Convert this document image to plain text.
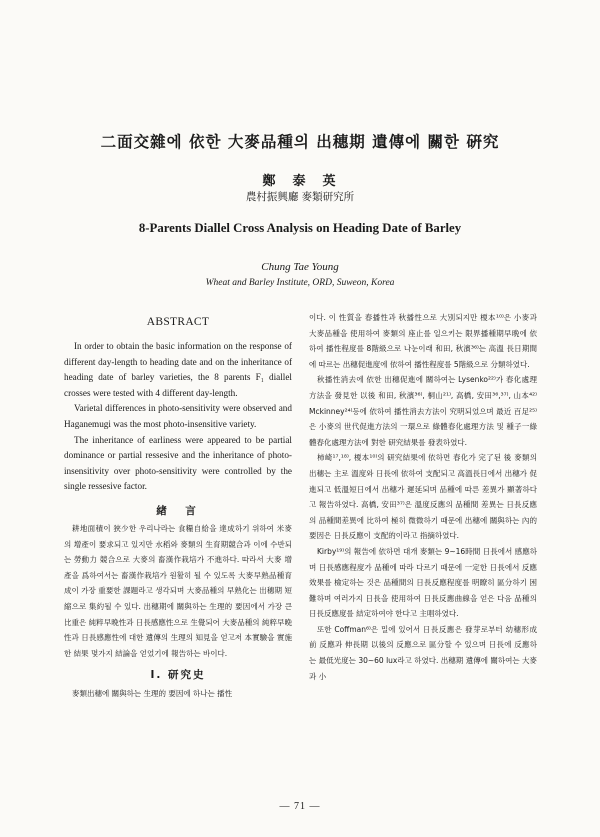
二面交雜에 依한 大麥品種의 出穗期 遺傳에 關한 硏究
鄭　泰　英
農村振興廳 麥類研究所
8-Parents Diallel Cross Analysis on Heading Date of Barley
Chung Tae Young
Wheat and Barley Institute, ORD, Suweon, Korea
ABSTRACT

In order to obtain the basic information on the response of different day-length to heading date and on the inheritance of heading date of barley varieties, the 8 parents F₁ diallel crosses were tested with 4 different day-length.

Varietal differences in photo-sensitivity were observed and Haganemugi was the most photo-insensitive variety.

The inheritance of earliness were appeared to be partial dominance or partial ressesive and the inheritance of photo-insensitivity over photo-sensitivity were controlled by the single ressesive factor.

緖　言

耕地面積이 狹少한 우리나라는 食糧自給을 達成하기 위하여 米麥의 增產이 要求되고 있지만 水稻와 麥類의 生育期競合과 이에 수반되는 勞動力 競合으로 大麥의 畜漢作栽培가 不進하다. 따라서 大麥 增產을 爲하여서는 畜漢作栽培가 원활히 될 수 있도록 大麥早熟品種育成이 가장 重要한 課題라고 생각되며 大麥品種의 早熟化는 出穗期 短縮으로 集約될 수 있다. 出穗期에 關與하는 生理的 要因에서 가장 큰 比重은 純粹早晩性과 日長感應性으로 生覺되어 大麥品種의 純粹早晩性과 日長感應性에 대한 遺傳의 生理의 知見을 얻고저 本實驗을 實施한 結果 몇가지 結論을 얻었기에 報告하는 바이다.

Ⅰ. 研究史

麥類出穗에 關與하는 生理的 要因에 하나는 播性

이다. 이 性質을 春播性과 秋播性으로 大別되지만 榎本¹⁰⁾은 小麥과 大麥品種을 使用하여 麥類의 座止를 일으키는 限界播種期早晩에 依하여 播性程度를 8階級으로 나눈이래 和田, 秋濱³⁶⁾는 高溫 長日期間에 따르는 出穗促進度에 依하여 播性程度를 5階級으로 分類하였다.

秋播性消去에 依한 出穗促進에 關하여는 Lysenko²²⁾가 春化處理方法을 發見한 以後 和田, 秋濱³⁶⁾, 桐山²¹⁾, 高橋, 安田³⁶,³⁷⁾, 山本⁴²⁾ Mckinney²⁴⁾등에 依하여 播性消去方法이 究明되었으며 最近 百足²⁵⁾은 小麥의 世代促進方法의 一環으로 綠體春化處理方法 및 種子一綠體春化處理方法에 對한 研究結果를 發表하였다.

柿崎¹⁷,¹⁸⁾, 榎本¹⁰⁾의 研究結果에 依하면 春化가 完了된 後 麥類의 出穗는 主로 溫度와 日長에 依하여 支配되고 高溫長日에서 出穗가 促進되고 低溫短日에서 出穗가 遲延되며 品種에 따른 差異가 顯著하다고 報告하였다. 高橋, 安田³⁷⁾은 溫度反應의 品種間 差異는 日長反應의 品種間差異에 比하여 極히 微微하기 때문에 出穗에 關與하는 內的要因은 日長反應이 支配的이라고 指摘하였다.

Kirby¹⁹⁾의 報告에 依하면 대개 麥類는 9~16時間 日長에서 感應하며 日長感應程度가 品種에 따라 다르기 때문에 一定한 日長에서 反應效果를 檢定하는 것은 品種間의 日長反應程度를 明瞭히 區分하기 困難하며 여러가지 日長을 使用하여 日長反應曲線을 얻은 다음 品種의 日長反應度를 結定하여야 한다고 主唱하였다.

또한 Coffman⁶⁾은 밀에 있어서 日長反應은 發芽로부터 幼穗形成前 反應과 伸長期 以後의 反應으로 區分할 수 있으며 日長에 反應하는 最低光度는 30~60 lux라고 하였다. 出穗期 遺傳에 關하여는 大麥과 小

— 71 —
